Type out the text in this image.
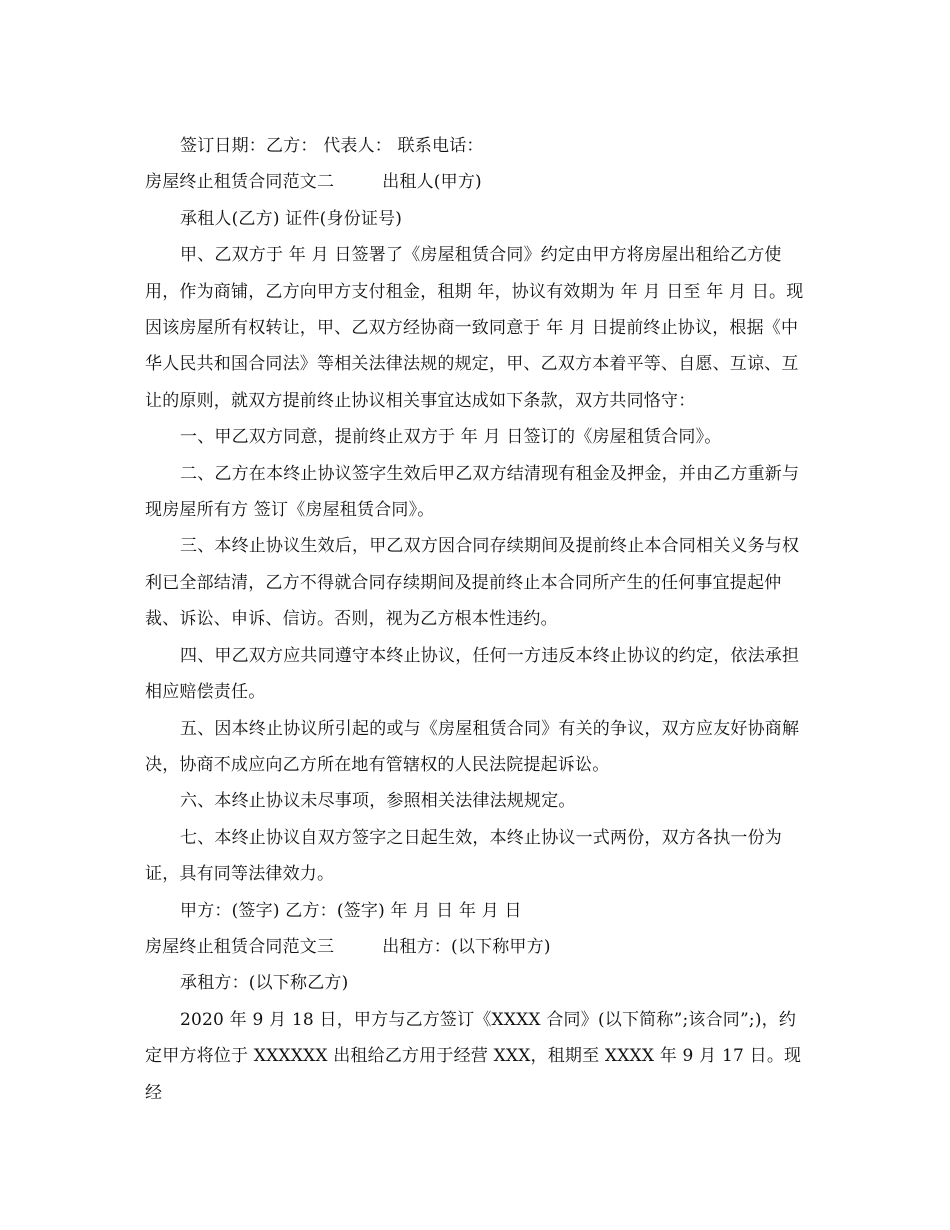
签订日期：乙方： 代表人： 联系电话：

房屋终止租赁合同范文二	出租人(甲方)

承租人(乙方) 证件(身份证号)

甲、乙双方于 年 月 日签署了《房屋租赁合同》约定由甲方将房屋出租给乙方使用，作为商铺，乙方向甲方支付租金，租期 年，协议有效期为 年 月 日至 年 月 日。现因该房屋所有权转让，甲、乙双方经协商一致同意于 年 月 日提前终止协议，根据《中华人民共和国合同法》等相关法律法规的规定，甲、乙双方本着平等、自愿、互谅、互让的原则，就双方提前终止协议相关事宜达成如下条款，双方共同恪守：

一、甲乙双方同意，提前终止双方于 年 月 日签订的《房屋租赁合同》。

二、乙方在本终止协议签字生效后甲乙双方结清现有租金及押金，并由乙方重新与现房屋所有方 签订《房屋租赁合同》。

三、本终止协议生效后，甲乙双方因合同存续期间及提前终止本合同相关义务与权利已全部结清，乙方不得就合同存续期间及提前终止本合同所产生的任何事宜提起仲裁、诉讼、申诉、信访。否则，视为乙方根本性违约。

四、甲乙双方应共同遵守本终止协议，任何一方违反本终止协议的约定，依法承担相应赔偿责任。

五、因本终止协议所引起的或与《房屋租赁合同》有关的争议，双方应友好协商解决，协商不成应向乙方所在地有管辖权的人民法院提起诉讼。

六、本终止协议未尽事项，参照相关法律法规规定。

七、本终止协议自双方签字之日起生效，本终止协议一式两份，双方各执一份为证，具有同等法律效力。

甲方：(签字) 乙方：(签字) 年 月 日 年 月 日

房屋终止租赁合同范文三	出租方：(以下称甲方)

承租方：(以下称乙方)

2020 年 9 月 18 日，甲方与乙方签订《XXXX 合同》(以下简称”;该合同”;)，约定甲方将位于 XXXXXX 出租给乙方用于经营 XXX，租期至 XXXX 年 9 月 17 日。现经
